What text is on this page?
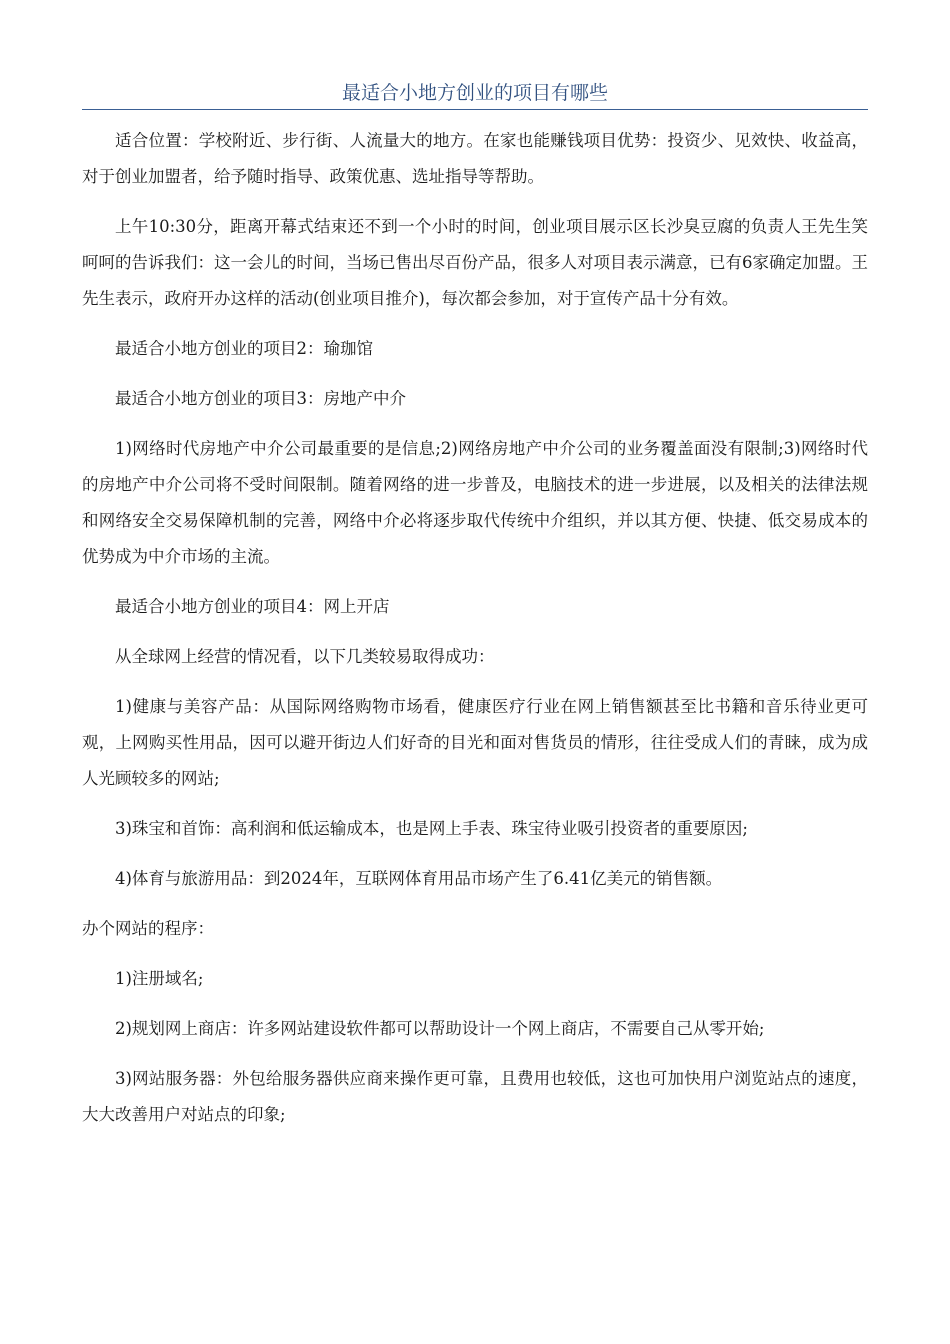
最适合小地方创业的项目有哪些

适合位置：学校附近、步行街、人流量大的地方。在家也能赚钱项目优势：投资少、见效快、收益高，对于创业加盟者，给予随时指导、政策优惠、选址指导等帮助。

上午10:30分，距离开幕式结束还不到一个小时的时间，创业项目展示区长沙臭豆腐的负责人王先生笑呵呵的告诉我们：这一会儿的时间，当场已售出尽百份产品，很多人对项目表示满意，已有6家确定加盟。王先生表示，政府开办这样的活动(创业项目推介)，每次都会参加，对于宣传产品十分有效。

最适合小地方创业的项目2：瑜珈馆

最适合小地方创业的项目3：房地产中介

1)网络时代房地产中介公司最重要的是信息;2)网络房地产中介公司的业务覆盖面没有限制;3)网络时代的房地产中介公司将不受时间限制。随着网络的进一步普及，电脑技术的进一步进展，以及相关的法律法规和网络安全交易保障机制的完善，网络中介必将逐步取代传统中介组织，并以其方便、快捷、低交易成本的优势成为中介市场的主流。

最适合小地方创业的项目4：网上开店

从全球网上经营的情况看，以下几类较易取得成功：

1)健康与美容产品：从国际网络购物市场看，健康医疗行业在网上销售额甚至比书籍和音乐待业更可观，上网购买性用品，因可以避开街边人们好奇的目光和面对售货员的情形，往往受成人们的青睐，成为成人光顾较多的网站;

3)珠宝和首饰：高利润和低运输成本，也是网上手表、珠宝待业吸引投资者的重要原因;

4)体育与旅游用品：到2024年，互联网体育用品市场产生了6.41亿美元的销售额。

办个网站的程序：

1)注册域名;

2)规划网上商店：许多网站建设软件都可以帮助设计一个网上商店，不需要自己从零开始;

3)网站服务器：外包给服务器供应商来操作更可靠，且费用也较低，这也可加快用户浏览站点的速度，大大改善用户对站点的印象;
